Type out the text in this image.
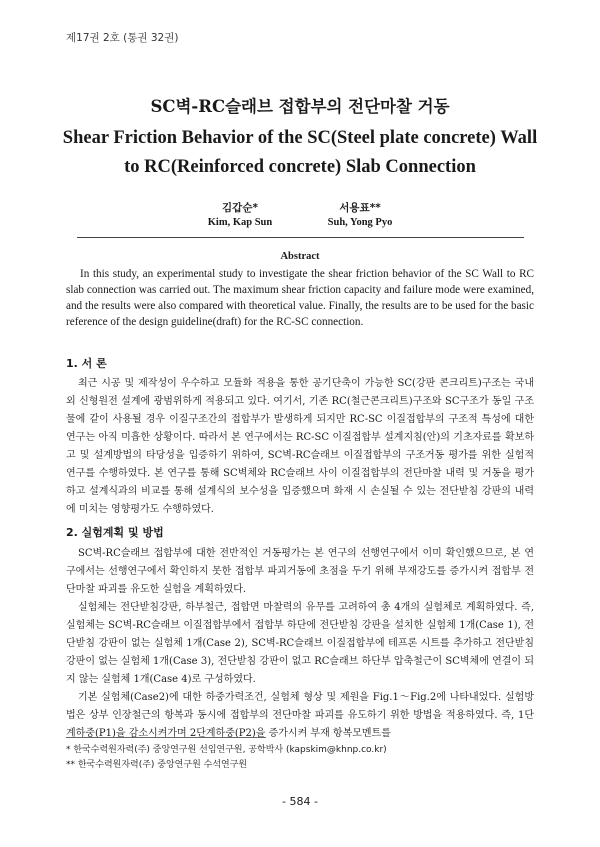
제17권 2호 (통권 32권)
SC벽-RC슬래브 접합부의 전단마찰 거동
Shear Friction Behavior of the SC(Steel plate concrete) Wall
to RC(Reinforced concrete) Slab Connection
김갑순*
Kim, Kap Sun
서용표**
Suh, Yong Pyo
Abstract
In this study, an experimental study to investigate the shear friction behavior of the SC Wall to RC slab connection was carried out. The maximum shear friction capacity and failure mode were examined, and the results were also compared with theoretical value. Finally, the results are to be used for the basic reference of the design guideline(draft) for the RC-SC connection.
1. 서 론
최근 시공 및 제작성이 우수하고 모듈화 적용을 통한 공기단축이 가능한 SC(강판 콘크리트)구조는 국내외 신형원전 설계에 광범위하게 적용되고 있다. 여기서, 기존 RC(철근콘크리트)구조와 SC구조가 동일 구조물에 같이 사용될 경우 이질구조간의 접합부가 발생하게 되지만 RC-SC 이질접합부의 구조적 특성에 대한 연구는 아직 미흡한 상황이다. 따라서 본 연구에서는 RC-SC 이질접합부 설계지침(안)의 기초자료를 확보하고 및 설계방법의 타당성을 입증하기 위하여, SC벽-RC슬래브 이질접합부의 구조거동 평가를 위한 실험적 연구를 수행하였다. 본 연구를 통해 SC벽체와 RC슬래브 사이 이질접합부의 전단마찰 내력 및 거동을 평가하고 설계식과의 비교를 통해 설계식의 보수성을 입증했으며 화재 시 손실될 수 있는 전단받침 강판의 내력에 미치는 영향평가도 수행하였다.
2. 실험계획 및 방법

SC벽-RC슬래브 접합부에 대한 전반적인 거동평가는 본 연구의 선행연구에서 이미 확인했으므로, 본 연구에서는 선행연구에서 확인하지 못한 접합부 파괴거동에 초점을 두기 위해 부재강도를 증가시켜 접합부 전단마찰 파괴를 유도한 실험을 계획하였다.

실험체는 전단받침강판, 하부철근, 접합면 마찰력의 유무를 고려하여 총 4개의 실험체로 계획하였다. 즉, 실험체는 SC벽-RC슬래브 이질접합부에서 접합부 하단에 전단받침 강판을 설치한 실험체 1개(Case 1), 전단받침 강판이 없는 실험체 1개(Case 2), SC벽-RC슬래브 이질접합부에 테프론 시트를 추가하고 전단받침 강판이 없는 실험체 1개(Case 3), 전단받침 강판이 없고 RC슬래브 하단부 압축철근이 SC벽체에 연결이 되지 않는 실험체 1개(Case 4)로 구성하였다.

기본 실험체(Case2)에 대한 하중가력조건, 실험체 형상 및 제원을 Fig.1～Fig.2에 나타내었다. 실험방법은 상부 인장철근의 항복과 동시에 접합부의 전단마찰 파괴를 유도하기 위한 방법을 적용하였다. 즉, 1단계하중(P1)을 감소시켜가며 2단계하중(P2)을 증가시켜 부재 항복모멘트를

* 한국수력원자력(주) 중앙연구원 선임연구원, 공학박사 (kapskim@khnp.co.kr)
** 한국수력원자력(주) 중앙연구원 수석연구원
- 584 -
